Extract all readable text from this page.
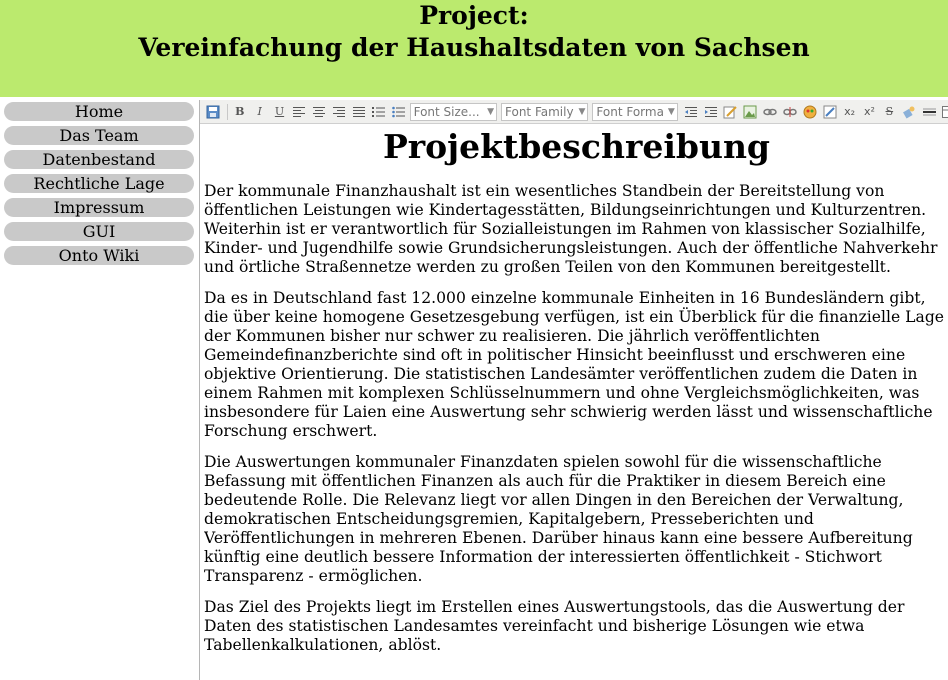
Project:
Vereinfachung der Haushaltsdaten von Sachsen
Home
Das Team
Datenbestand
Rechtliche Lage
Impressum
GUI
Onto Wiki
B	I	U	Font Size... ▼ Font Family ▼ Font Forma ▼	x₂ x² S
Projektbeschreibung

Der kommunale Finanzhaushalt ist ein wesentliches Standbein der Bereitstellung von
öffentlichen Leistungen wie Kindertagesstätten, Bildungseinrichtungen und Kulturzentren.
Weiterhin ist er verantwortlich für Sozialleistungen im Rahmen von klassischer Sozialhilfe,
Kinder- und Jugendhilfe sowie Grundsicherungsleistungen. Auch der öffentliche Nahverkehr
und örtliche Straßennetze werden zu großen Teilen von den Kommunen bereitgestellt.

Da es in Deutschland fast 12.000 einzelne kommunale Einheiten in 16 Bundesländern gibt,
die über keine homogene Gesetzesgebung verfügen, ist ein Überblick für die finanzielle Lage
der Kommunen bisher nur schwer zu realisieren. Die jährlich veröffentlichten
Gemeindefinanzberichte sind oft in politischer Hinsicht beeinflusst und erschweren eine
objektive Orientierung. Die statistischen Landesämter veröffentlichen zudem die Daten in
einem Rahmen mit komplexen Schlüsselnummern und ohne Vergleichsmöglichkeiten, was
insbesondere für Laien eine Auswertung sehr schwierig werden lässt und wissenschaftliche
Forschung erschwert.

Die Auswertungen kommunaler Finanzdaten spielen sowohl für die wissenschaftliche
Befassung mit öffentlichen Finanzen als auch für die Praktiker in diesem Bereich eine
bedeutende Rolle. Die Relevanz liegt vor allen Dingen in den Bereichen der Verwaltung,
demokratischen Entscheidungsgremien, Kapitalgebern, Presseberichten und
Veröffentlichungen in mehreren Ebenen. Darüber hinaus kann eine bessere Aufbereitung
künftig eine deutlich bessere Information der interessierten öffentlichkeit - Stichwort
Transparenz - ermöglichen.

Das Ziel des Projekts liegt im Erstellen eines Auswertungstools, das die Auswertung der
Daten des statistischen Landesamtes vereinfacht und bisherige Lösungen wie etwa
Tabellenkalkulationen, ablöst.
